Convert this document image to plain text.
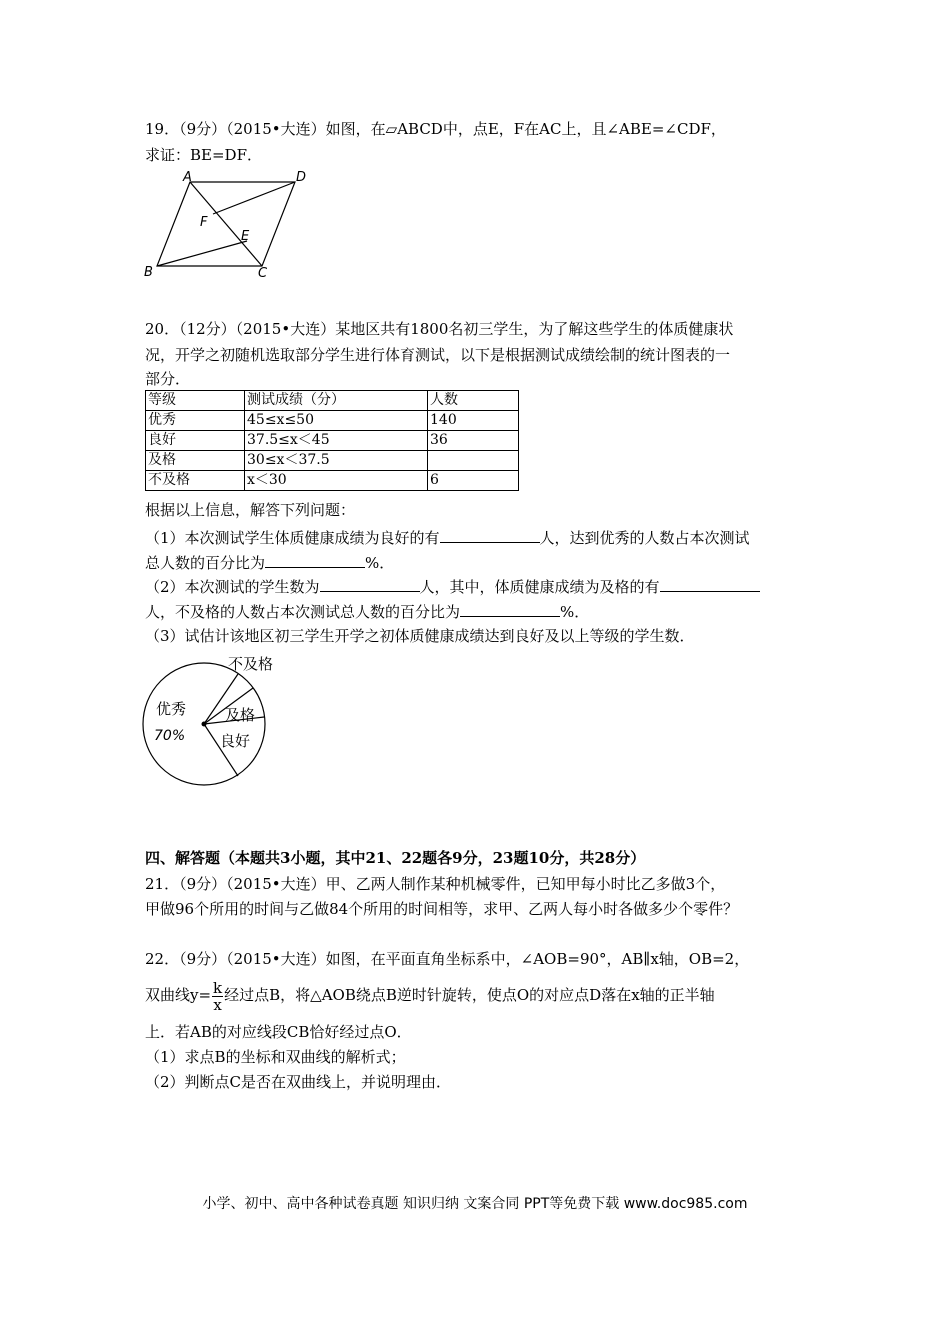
19．（9分）（2015•大连）如图，在▱ABCD中，点E，F在AC上，且∠ABE=∠CDF，
求证：BE=DF．
A	D
B	C
F
E
20．（12分）（2015•大连）某地区共有1800名初三学生，为了解这些学生的体质健康状
况，开学之初随机选取部分学生进行体育测试，以下是根据测试成绩绘制的统计图表的一
部分．
等级	测试成绩（分）	人数
优秀	45≤x≤50	140
良好	37.5≤x＜45	36
及格	30≤x＜37.5	
不及格	x＜30	6
根据以上信息，解答下列问题：
（1）本次测试学生体质健康成绩为良好的有	人，达到优秀的人数占本次测试
总人数的百分比为	%．
（2）本次测试的学生数为	人，其中，体质健康成绩为及格的有
人，不及格的人数占本次测试总人数的百分比为	%．
（3）试估计该地区初三学生开学之初体质健康成绩达到良好及以上等级的学生数．
优秀
70%
不及格
及格
良好
四、解答题（本题共3小题，其中21、22题各9分，23题10分，共28分）
21．（9分）（2015•大连）甲、乙两人制作某种机械零件，已知甲每小时比乙多做3个，
甲做96个所用的时间与乙做84个所用的时间相等，求甲、乙两人每小时各做多少个零件？
22．（9分）（2015•大连）如图，在平面直角坐标系中，∠AOB=90°，AB∥x轴，OB=2，
双曲线$y= \frac{k}{x}$ 经过点B，将△AOB绕点B逆时针旋转，使点O的对应点D落在x轴的正半轴
上．若AB的对应线段CB恰好经过点O．
（1）求点B的坐标和双曲线的解析式；
（2）判断点C是否在双曲线上，并说明理由．
小学、初中、高中各种试卷真题 知识归纳 文案合同 PPT等免费下载 www.doc985.com
